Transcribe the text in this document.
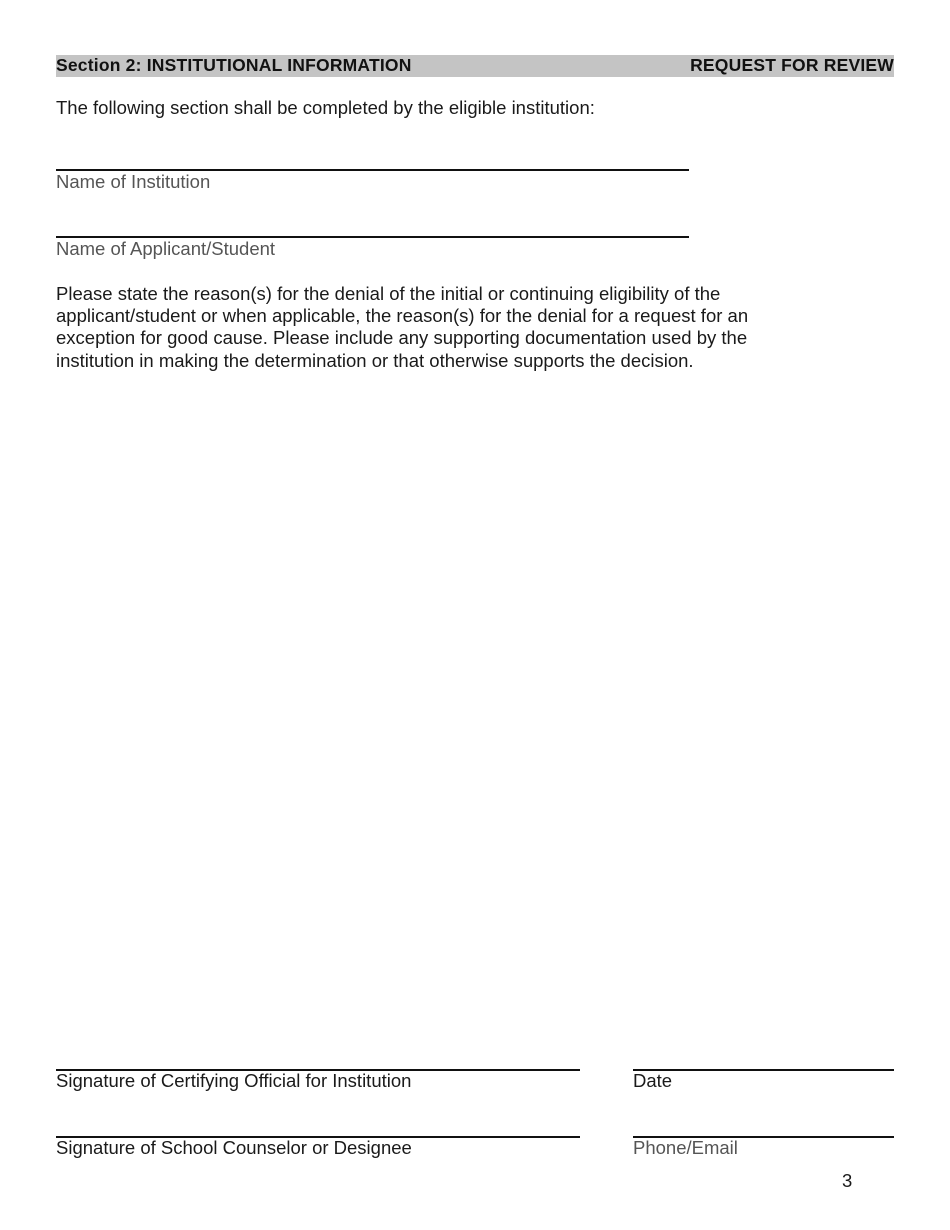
Section 2: INSTITUTIONAL INFORMATION	REQUEST FOR REVIEW
The following section shall be completed by the eligible institution:
Name of Institution
Name of Applicant/Student
Please state the reason(s) for the denial of the initial or continuing eligibility of the
applicant/student or when applicable, the reason(s) for the denial for a request for an
exception for good cause. Please include any supporting documentation used by the
institution in making the determination or that otherwise supports the decision.
Signature of Certifying Official for Institution	Date
Signature of School Counselor or Designee	Phone/Email
3
